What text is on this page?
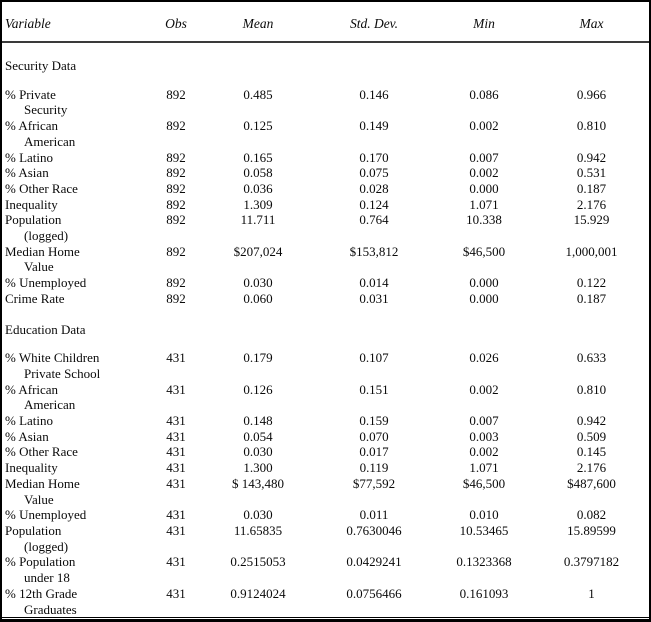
Variable	Obs	Mean	Std. Dev.	Min	Max
Security Data					

% Private
Security	892	0.485	0.146	0.086	0.966

% African
American	892	0.125	0.149	0.002	0.810

% Latino	892	0.165	0.170	0.007	0.942

% Asian	892	0.058	0.075	0.002	0.531

% Other Race	892	0.036	0.028	0.000	0.187

Inequality	892	1.309	0.124	1.071	2.176

Population
(logged)	892	11.711	0.764	10.338	15.929

Median Home
Value	892	$207,024	$153,812	$46,500	1,000,001

% Unemployed	892	0.030	0.014	0.000	0.122

Crime Rate	892	0.060	0.031	0.000	0.187
Education Data					

% White Children
Private School	431	0.179	0.107	0.026	0.633

% African
American	431	0.126	0.151	0.002	0.810

% Latino	431	0.148	0.159	0.007	0.942

% Asian	431	0.054	0.070	0.003	0.509

% Other Race	431	0.030	0.017	0.002	0.145

Inequality	431	1.300	0.119	1.071	2.176

Median Home
Value	431	$ 143,480	$77,592	$46,500	$487,600

% Unemployed	431	0.030	0.011	0.010	0.082

Population
(logged)	431	11.65835	0.7630046	10.53465	15.89599

% Population
under 18	431	0.2515053	0.0429241	0.1323368	0.3797182

% 12th Grade
Graduates	431	0.9124024	0.0756466	0.161093	1
